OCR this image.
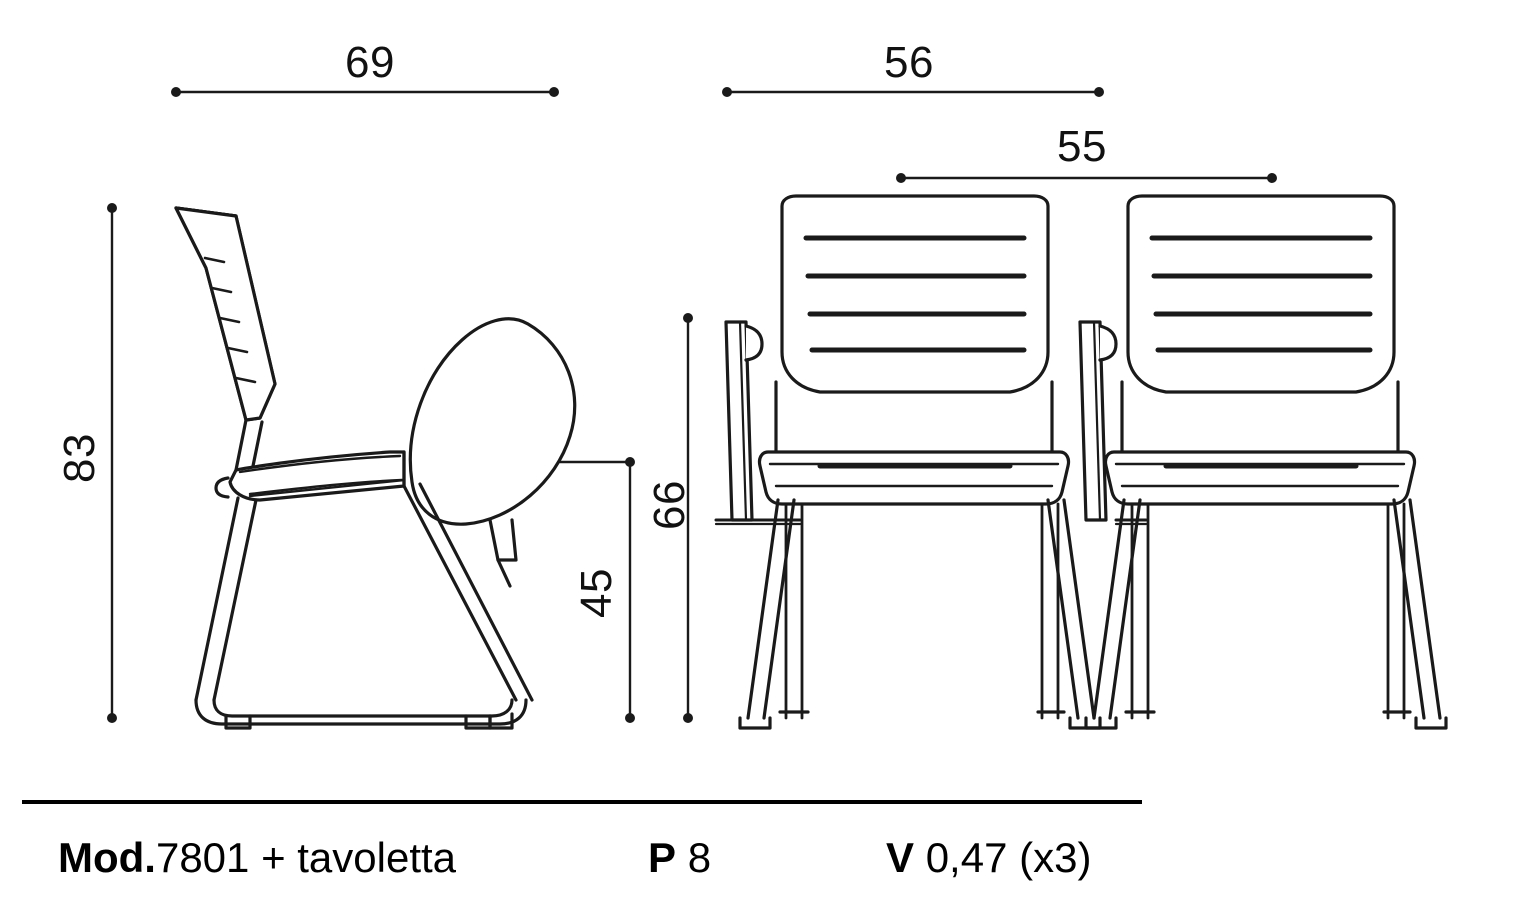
69	56
55
83
66
45
Mod.7801 + tavoletta	P 8	V 0,47 (x3)
